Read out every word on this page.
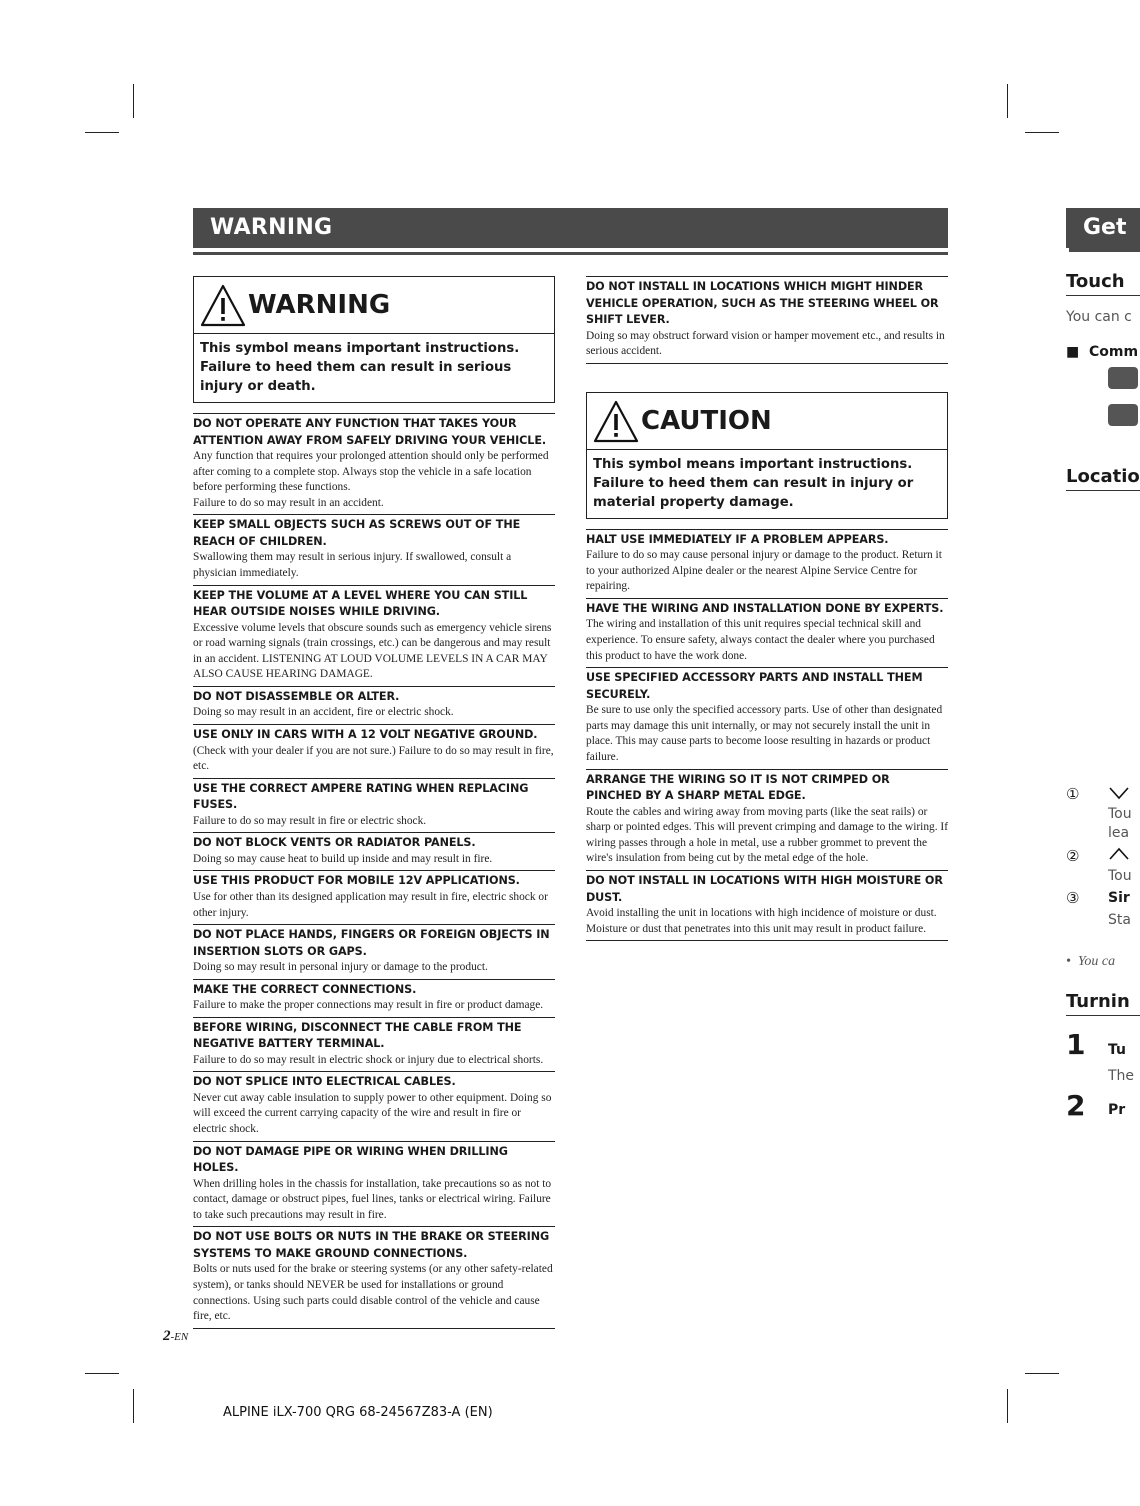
WARNING
WARNING
This symbol means important instructions. Failure to heed them can result in serious injury or death.
DO NOT OPERATE ANY FUNCTION THAT TAKES YOUR ATTENTION AWAY FROM SAFELY DRIVING YOUR VEHICLE.
Any function that requires your prolonged attention should only be performed after coming to a complete stop. Always stop the vehicle in a safe location before performing these functions.
Failure to do so may result in an accident.
KEEP SMALL OBJECTS SUCH AS SCREWS OUT OF THE REACH OF CHILDREN.
Swallowing them may result in serious injury. If swallowed, consult a physician immediately.
KEEP THE VOLUME AT A LEVEL WHERE YOU CAN STILL HEAR OUTSIDE NOISES WHILE DRIVING.
Excessive volume levels that obscure sounds such as emergency vehicle sirens or road warning signals (train crossings, etc.) can be dangerous and may result in an accident. LISTENING AT LOUD VOLUME LEVELS IN A CAR MAY ALSO CAUSE HEARING DAMAGE.
DO NOT DISASSEMBLE OR ALTER.
Doing so may result in an accident, fire or electric shock.
USE ONLY IN CARS WITH A 12 VOLT NEGATIVE GROUND.
(Check with your dealer if you are not sure.) Failure to do so may result in fire, etc.
USE THE CORRECT AMPERE RATING WHEN REPLACING FUSES.
Failure to do so may result in fire or electric shock.
DO NOT BLOCK VENTS OR RADIATOR PANELS.
Doing so may cause heat to build up inside and may result in fire.
USE THIS PRODUCT FOR MOBILE 12V APPLICATIONS.
Use for other than its designed application may result in fire, electric shock or other injury.
DO NOT PLACE HANDS, FINGERS OR FOREIGN OBJECTS IN INSERTION SLOTS OR GAPS.
Doing so may result in personal injury or damage to the product.
MAKE THE CORRECT CONNECTIONS.
Failure to make the proper connections may result in fire or product damage.
BEFORE WIRING, DISCONNECT THE CABLE FROM THE NEGATIVE BATTERY TERMINAL.
Failure to do so may result in electric shock or injury due to electrical shorts.
DO NOT SPLICE INTO ELECTRICAL CABLES.
Never cut away cable insulation to supply power to other equipment. Doing so will exceed the current carrying capacity of the wire and result in fire or electric shock.
DO NOT DAMAGE PIPE OR WIRING WHEN DRILLING HOLES.
When drilling holes in the chassis for installation, take precautions so as not to contact, damage or obstruct pipes, fuel lines, tanks or electrical wiring. Failure to take such precautions may result in fire.
DO NOT USE BOLTS OR NUTS IN THE BRAKE OR STEERING SYSTEMS TO MAKE GROUND CONNECTIONS.
Bolts or nuts used for the brake or steering systems (or any other safety-related system), or tanks should NEVER be used for installations or ground connections. Using such parts could disable control of the vehicle and cause fire, etc.
DO NOT INSTALL IN LOCATIONS WHICH MIGHT HINDER VEHICLE OPERATION, SUCH AS THE STEERING WHEEL OR SHIFT LEVER.
Doing so may obstruct forward vision or hamper movement etc., and results in serious accident.
CAUTION
This symbol means important instructions. Failure to heed them can result in injury or material property damage.
HALT USE IMMEDIATELY IF A PROBLEM APPEARS.
Failure to do so may cause personal injury or damage to the product. Return it to your authorized Alpine dealer or the nearest Alpine Service Centre for repairing.
HAVE THE WIRING AND INSTALLATION DONE BY EXPERTS.
The wiring and installation of this unit requires special technical skill and experience. To ensure safety, always contact the dealer where you purchased this product to have the work done.
USE SPECIFIED ACCESSORY PARTS AND INSTALL THEM SECURELY.
Be sure to use only the specified accessory parts. Use of other than designated parts may damage this unit internally, or may not securely install the unit in place. This may cause parts to become loose resulting in hazards or product failure.
ARRANGE THE WIRING SO IT IS NOT CRIMPED OR PINCHED BY A SHARP METAL EDGE.
Route the cables and wiring away from moving parts (like the seat rails) or sharp or pointed edges. This will prevent crimping and damage to the wiring. If wiring passes through a hole in metal, use a rubber grommet to prevent the wire's insulation from being cut by the metal edge of the hole.
DO NOT INSTALL IN LOCATIONS WITH HIGH MOISTURE OR DUST.
Avoid installing the unit in locations with high incidence of moisture or dust. Moisture or dust that penetrates into this unit may result in product failure.
2-EN
ALPINE iLX-700 QRG 68-24567Z83-A (EN)
Get
Touch
You can c
■  Comm
Locatio
①
Tou
lea
②
Tou
③ Sir
Sta
•  You ca
Turnin
1 Tu
The
2 Pr
